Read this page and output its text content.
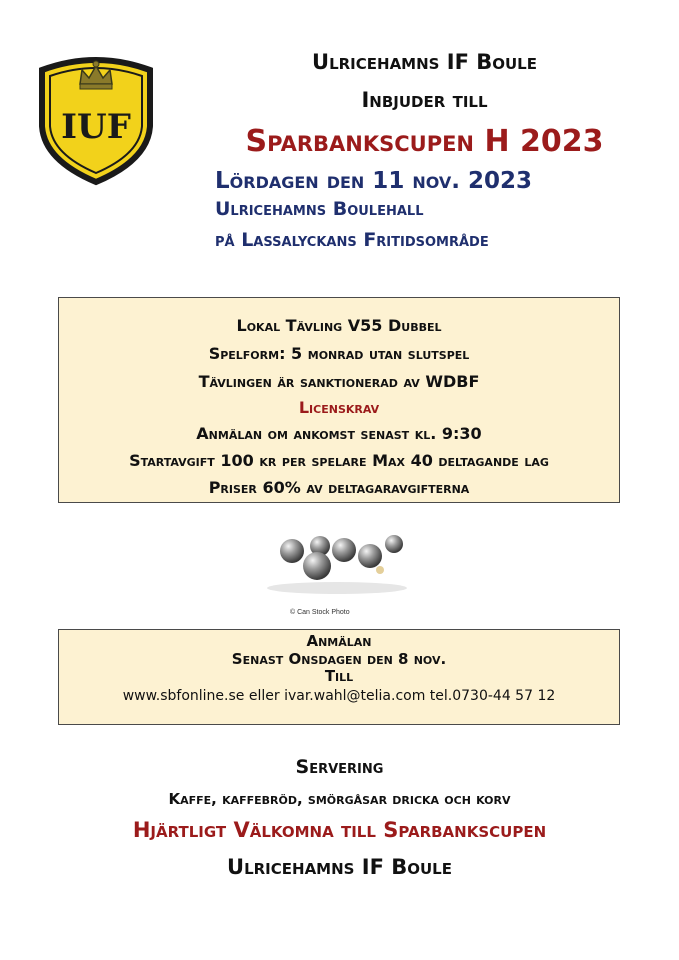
IUF
Ulricehamns IF Boule
Inbjuder till
Sparbankscupen H 2023
Lördagen den 11 nov. 2023
Ulricehamns Boulehall
på Lassalyckans Fritidsområde
Lokal Tävling V55 Dubbel
Spelform: 5 monrad utan slutspel
Tävlingen är sanktionerad av WDBF
Licenskrav
Anmälan om ankomst senast kl. 9:30
Startavgift 100 kr per spelare Max 40 deltagande lag
Priser 60% av deltagaravgifterna
© Can Stock Photo
Anmälan
Senast Onsdagen den 8 nov.
Till
www.sbfonline.se eller ivar.wahl@telia.com tel.0730-44 57 12
Servering
Kaffe, kaffebröd, smörgåsar dricka och korv
Hjärtligt Välkomna till Sparbankscupen
Ulricehamns IF Boule
